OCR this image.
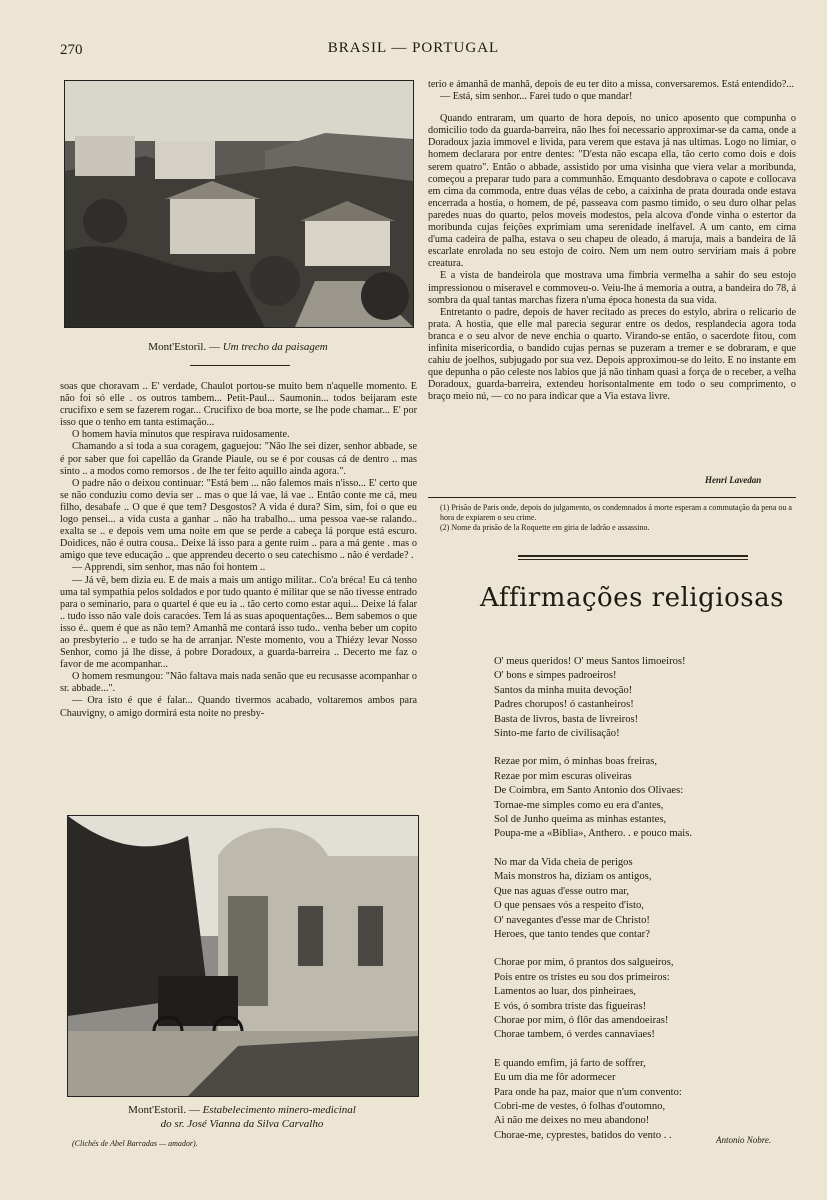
270	BRASIL — PORTUGAL
Mont'Estoril. — Um trecho da paisagem

soas que choravam .. E' verdade, Chaulot portou-se muito bem n'aquelle momento. E não foi só elle . os outros tambem... Petit-Paul... Saumonin... todos beijaram este crucifixo e sem se fazerem rogar... Crucifixo de boa morte, se lhe pode chamar... E' por isso que o tenho em tanta estimação...

O homem havia minutos que respirava ruidosamente.

Chamando a si toda a sua coragem, gaguejou: "Não lhe sei dizer, senhor abbade, se é por saber que foi capellão da Grande Piaule, ou se é por cousas cá de dentro .. mas sinto .. a modos como remorsos . de lhe ter feito aquillo ainda agora.".

O padre não o deixou continuar: "Está bem ... não falemos mais n'isso... E' certo que se não conduziu como devia ser .. mas o que lá vae, lá vae .. Então conte me cá, meu filho, desabafe .. O que é que tem? Desgostos? A vida é dura? Sim, sim, foi o que eu logo pensei... a vida custa a ganhar .. não ha trabalho... uma pessoa vae-se ralando.. exalta se .. e depois vem uma noite em que se perde a cabeça lá porque está escuro. Doidices, não é outra cousa.. Deixe lá isso para a gente ruim .. para a má gente . mas o amigo que teve educação .. que apprendeu decerto o seu catechismo .. não é verdade? .

— Apprendi, sim senhor, mas não foi hontem ..

— Já vê, bem dizia eu. E de mais a mais um antigo militar.. Co'a bréca! Eu cá tenho uma tal sympathia pelos soldados e por tudo quanto é militar que se não tivesse entrado para o seminario, para o quartel é que eu ia .. tão certo como estar aqui... Deixe lá falar .. tudo isso não vale dois caracóes. Tem lá as suas apoquentações... Bem sabemos o que isso é.. quem é que as não tem? Amanhã me contará isso tudo.. venha beber um copito ao presbyterio .. e tudo se ha de arranjar. N'este momento, vou a Thiézy levar Nosso Senhor, como já lhe disse, á pobre Doradoux, a guarda-barreira .. Decerto me faz o favor de me acompanhar...

O homem resmungou: "Não faltava mais nada senão que eu recusasse acompanhar o sr. abbade...".

— Ora isto é que é falar... Quando tivermos acabado, voltaremos ambos para Chauvigny, o amigo dormirá esta noite no presby-

Mont'Estoril. — Estabelecimento minero-medicinal
do sr. José Vianna da Silva Carvalho
(Clichés de Abel Barradas — amador).

terio e ámanhã de manhã, depois de eu ter dito a missa, conversaremos. Está entendido?...

— Está, sim senhor... Farei tudo o que mandar!

Quando entraram, um quarto de hora depois, no unico aposento que compunha o domicilio todo da guarda-barreira, não lhes foi necessario approximar-se da cama, onde a Doradoux jazia immovel e livida, para verem que estava já nas ultimas. Logo no limiar, o homem declarara por entre dentes: "D'esta não escapa ella, tão certo como dois e dois serem quatro". Então o abbade, assistido por uma visinha que viera velar a moribunda, começou a preparar tudo para a communhão. Emquanto desdobrava o capote e collocava em cima da commoda, entre duas vélas de cebo, a caixinha de prata dourada onde estava encerrada a hostia, o homem, de pé, passeava com pasmo timido, o seu duro olhar pelas paredes nuas do quarto, pelos moveis modestos, pela alcova d'onde vinha o estertor da moribunda cujas feições exprimiam uma serenidade inelfavel. A um canto, em cima d'uma cadeira de palha, estava o seu chapeu de oleado, á maruja, mais a bandeira de lã escarlate enrolada no seu estojo de coiro. Nem um nem outro serviriam mais á pobre creatura.

E a vista de bandeirola que mostrava uma fimbria vermelha a sahir do seu estojo impressionou o miseravel e commoveu-o. Veiu-lhe á memoria a outra, a bandeira do 78, á sombra da qual tantas marchas fizera n'uma época honesta da sua vida.

Entretanto o padre, depois de haver recitado as preces do estylo, abrira o relicario de prata. A hostia, que elle mal parecia segurar entre os dedos, resplandecia agora toda branca e o seu alvor de neve enchia o quarto. Virando-se então, o sacerdote fitou, com infinita misericordia, o bandido cujas pernas se puzeram a tremer e se dobraram, e que cahiu de joelhos, subjugado por sua vez. Depois approximou-se do leito. E no instante em que depunha o pão celeste nos labios que já não tinham quasi a força de o receber, a velha Doradoux, guarda-barreira, extendeu horisontalmente em todo o seu comprimento, o braço meio nú, — co no para indicar que a Via estava livre.

Henri Lavedan
(1) Prisão de Paris onde, depois do julgamento, os condemnados á morte esperam a commutação da pena ou a hora de expiarem o seu crime.
(2) Nome da prisão de la Roquette em giria de ladrão e assassino.
Affirmações religiosas
O' meus queridos! O' meus Santos limoeiros!
O' bons e simpes padroeiros!
Santos da minha muita devoção!
Padres chorupos! ó castanheiros!
Basta de livros, basta de livreiros!
Sinto-me farto de civilisação!
Rezae por mim, ó minhas boas freiras,
Rezae por mim escuras oliveiras
De Coimbra, em Santo Antonio dos Olivaes:
Tornae-me simples como eu era d'antes,
Sol de Junho queima as minhas estantes,
Poupa-me a «Biblia», Anthero. . e pouco mais.
No mar da Vida cheia de perigos
Mais monstros ha, diziam os antigos,
Que nas aguas d'esse outro mar,
O que pensaes vós a respeito d'isto,
O' navegantes d'esse mar de Christo!
Heroes, que tanto tendes que contar?
Chorae por mim, ó prantos dos salgueiros,
Pois entre os tristes eu sou dos primeiros:
Lamentos ao luar, dos pinheiraes,
E vós, ó sombra triste das figueiras!
Chorae por mim, ó flôr das amendoeiras!
Chorae tambem, ó verdes cannaviaes!
E quando emfim, já farto de soffrer,
Eu um dia me fôr adormecer
Para onde ha paz, maior que n'um convento:
Cobri-me de vestes, ó folhas d'outomno,
Ai não me deixes no meu abandono!
Chorae-me, cyprestes, batidos do vento . .	Antonio Nobre.
